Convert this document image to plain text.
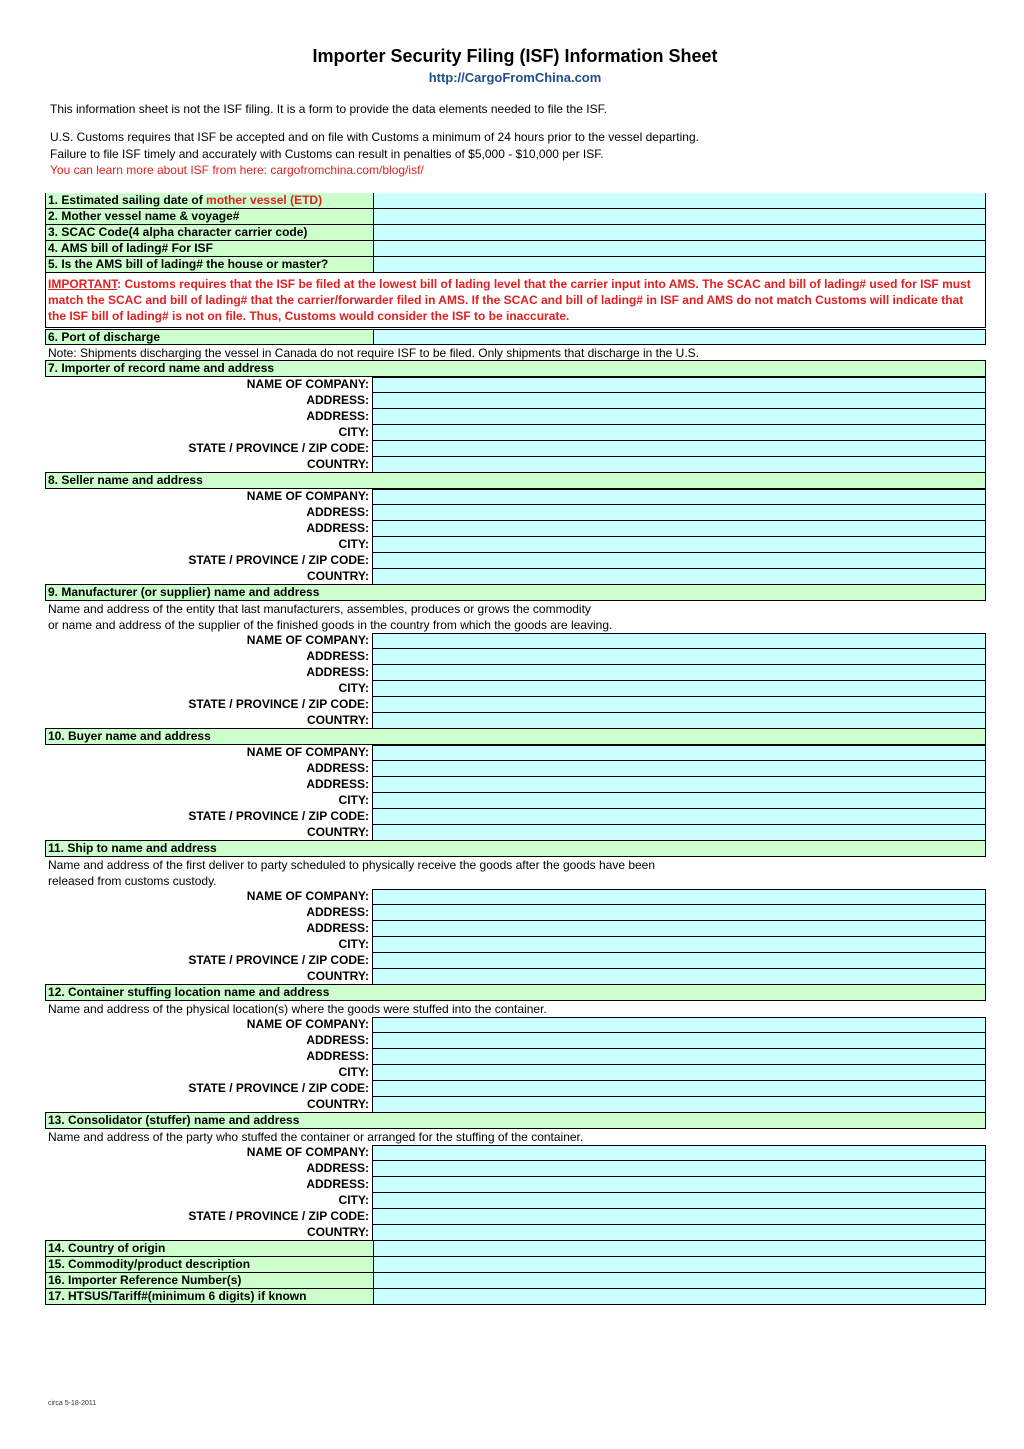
Importer Security Filing (ISF) Information Sheet
http://CargoFromChina.com
This information sheet is not the ISF filing. It is a form to provide the data elements needed to file the ISF.
U.S. Customs requires that ISF be accepted and on file with Customs a minimum of 24 hours prior to the vessel departing.
Failure to file ISF timely and accurately with Customs can result in penalties of $5,000 - $10,000 per ISF.
You can learn more about ISF from here: cargofromchina.com/blog/isf/
1. Estimated sailing date of mother vessel (ETD)
2. Mother vessel name & voyage#
3. SCAC Code(4 alpha character carrier code)
4. AMS bill of lading# For ISF
5. Is the AMS bill of lading# the house or master?
IMPORTANT: Customs requires that the ISF be filed at the lowest bill of lading level that the carrier input into AMS. The SCAC and bill of lading# used for ISF must match the SCAC and bill of lading# that the carrier/forwarder filed in AMS. If the SCAC and bill of lading# in ISF and AMS do not match Customs will indicate that the ISF bill of lading# is not on file. Thus, Customs would consider the ISF to be inaccurate.
6. Port of discharge
Note: Shipments discharging the vessel in Canada do not require ISF to be filed. Only shipments that discharge in the U.S.
7. Importer of record name and address
NAME OF COMPANY:
ADDRESS:
ADDRESS:
CITY:
STATE / PROVINCE / ZIP CODE:
COUNTRY:
8. Seller name and address
NAME OF COMPANY:
ADDRESS:
ADDRESS:
CITY:
STATE / PROVINCE / ZIP CODE:
COUNTRY:
9. Manufacturer (or supplier) name and address
Name and address of the entity that last manufacturers, assembles, produces or grows the commodity
or name and address of the supplier of the finished goods in the country from which the goods are leaving.
NAME OF COMPANY:
ADDRESS:
ADDRESS:
CITY:
STATE / PROVINCE / ZIP CODE:
COUNTRY:
10. Buyer name and address
NAME OF COMPANY:
ADDRESS:
ADDRESS:
CITY:
STATE / PROVINCE / ZIP CODE:
COUNTRY:
11. Ship to name and address
Name and address of the first deliver to party scheduled to physically receive the goods after the goods have been
released from customs custody.
NAME OF COMPANY:
ADDRESS:
ADDRESS:
CITY:
STATE / PROVINCE / ZIP CODE:
COUNTRY:
12. Container stuffing location name and address
Name and address of the physical location(s) where the goods were stuffed into the container.
NAME OF COMPANY:
ADDRESS:
ADDRESS:
CITY:
STATE / PROVINCE / ZIP CODE:
COUNTRY:
13. Consolidator (stuffer) name and address
Name and address of the party who stuffed the container or arranged for the stuffing of the container.
NAME OF COMPANY:
ADDRESS:
ADDRESS:
CITY:
STATE / PROVINCE / ZIP CODE:
COUNTRY:
14. Country of origin
15. Commodity/product description
16. Importer Reference Number(s)
17. HTSUS/Tariff#(minimum 6 digits) if known
circa 5-18-2011
